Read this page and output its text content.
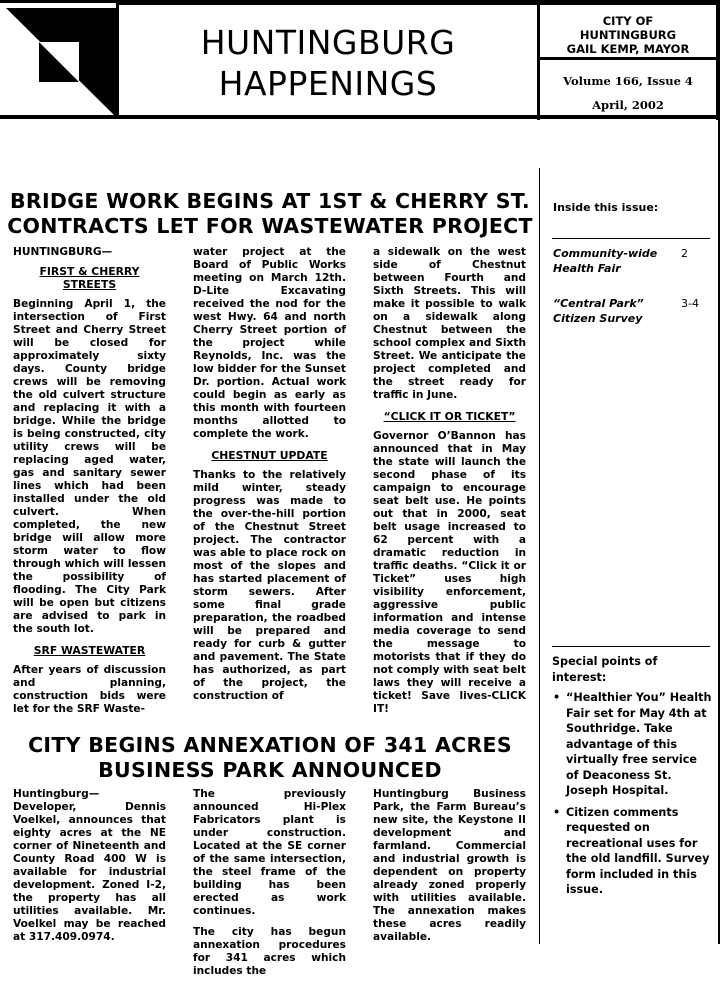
HUNTINGBURG
HAPPENINGS
CITY OF
HUNTINGBURG
GAIL KEMP, MAYOR
Volume 166, Issue 4
April, 2002
BRIDGE WORK BEGINS AT 1ST & CHERRY ST.
CONTRACTS LET FOR WASTEWATER PROJECT

HUNTINGBURG—

FIRST & CHERRY STREETS

Beginning April 1, the intersection of First Street and Cherry Street will be closed for approximately sixty days. County bridge crews will be removing the old culvert structure and replacing it with a bridge. While the bridge is being constructed, city utility crews will be replacing aged water, gas and sanitary sewer lines which had been installed under the old culvert. When completed, the new bridge will allow more storm water to flow through which will lessen the possibility of flooding. The City Park will be open but citizens are advised to park in the south lot.

SRF WASTEWATER

After years of discussion and planning, construction bids were let for the SRF Waste-

water project at the Board of Public Works meeting on March 12th. D-Lite Excavating received the nod for the west Hwy. 64 and north Cherry Street portion of the project while Reynolds, Inc. was the low bidder for the Sunset Dr. portion. Actual work could begin as early as this month with fourteen months allotted to complete the work.

CHESTNUT UPDATE

Thanks to the relatively mild winter, steady progress was made to the over-the-hill portion of the Chestnut Street project. The contractor was able to place rock on most of the slopes and has started placement of storm sewers. After some final grade preparation, the roadbed will be prepared and ready for curb & gutter and pavement. The State has authorized, as part of the project, the construction of

a sidewalk on the west side of Chestnut between Fourth and Sixth Streets. This will make it possible to walk on a sidewalk along Chestnut between the school complex and Sixth Street. We anticipate the project completed and the street ready for traffic in June.

“CLICK IT OR TICKET”

Governor O’Bannon has announced that in May the state will launch the second phase of its campaign to encourage seat belt use. He points out that in 2000, seat belt usage increased to 62 percent with a dramatic reduction in traffic deaths. “Click it or Ticket” uses high visibility enforcement, aggressive public information and intense media coverage to send the message to motorists that if they do not comply with seat belt laws they will receive a ticket! Save lives-CLICK IT!

CITY BEGINS ANNEXATION OF 341 ACRES
BUSINESS PARK ANNOUNCED

Huntingburg— Developer, Dennis Voelkel, announces that eighty acres at the NE corner of Nineteenth and County Road 400 W is available for industrial development. Zoned I-2, the property has all utilities available. Mr. Voelkel may be reached at 317.409.0974.

The previously announced Hi-Plex Fabricators plant is under construction. Located at the SE corner of the same intersection, the steel frame of the building has been erected as work continues.

The city has begun annexation procedures for 341 acres which includes the

Huntingburg Business Park, the Farm Bureau’s new site, the Keystone II development and farmland. Commercial and industrial growth is dependent on property already zoned properly with utilities available. The annexation makes these acres readily available.

Inside this issue:
Community-wide Health Fair
2
“Central Park” Citizen Survey
3-4
Special points of interest:
• “Healthier You” Health Fair set for May 4th at Southridge. Take advantage of this virtually free service of Deaconess St. Joseph Hospital.
• Citizen comments requested on recreational uses for the old landfill. Survey form included in this issue.
